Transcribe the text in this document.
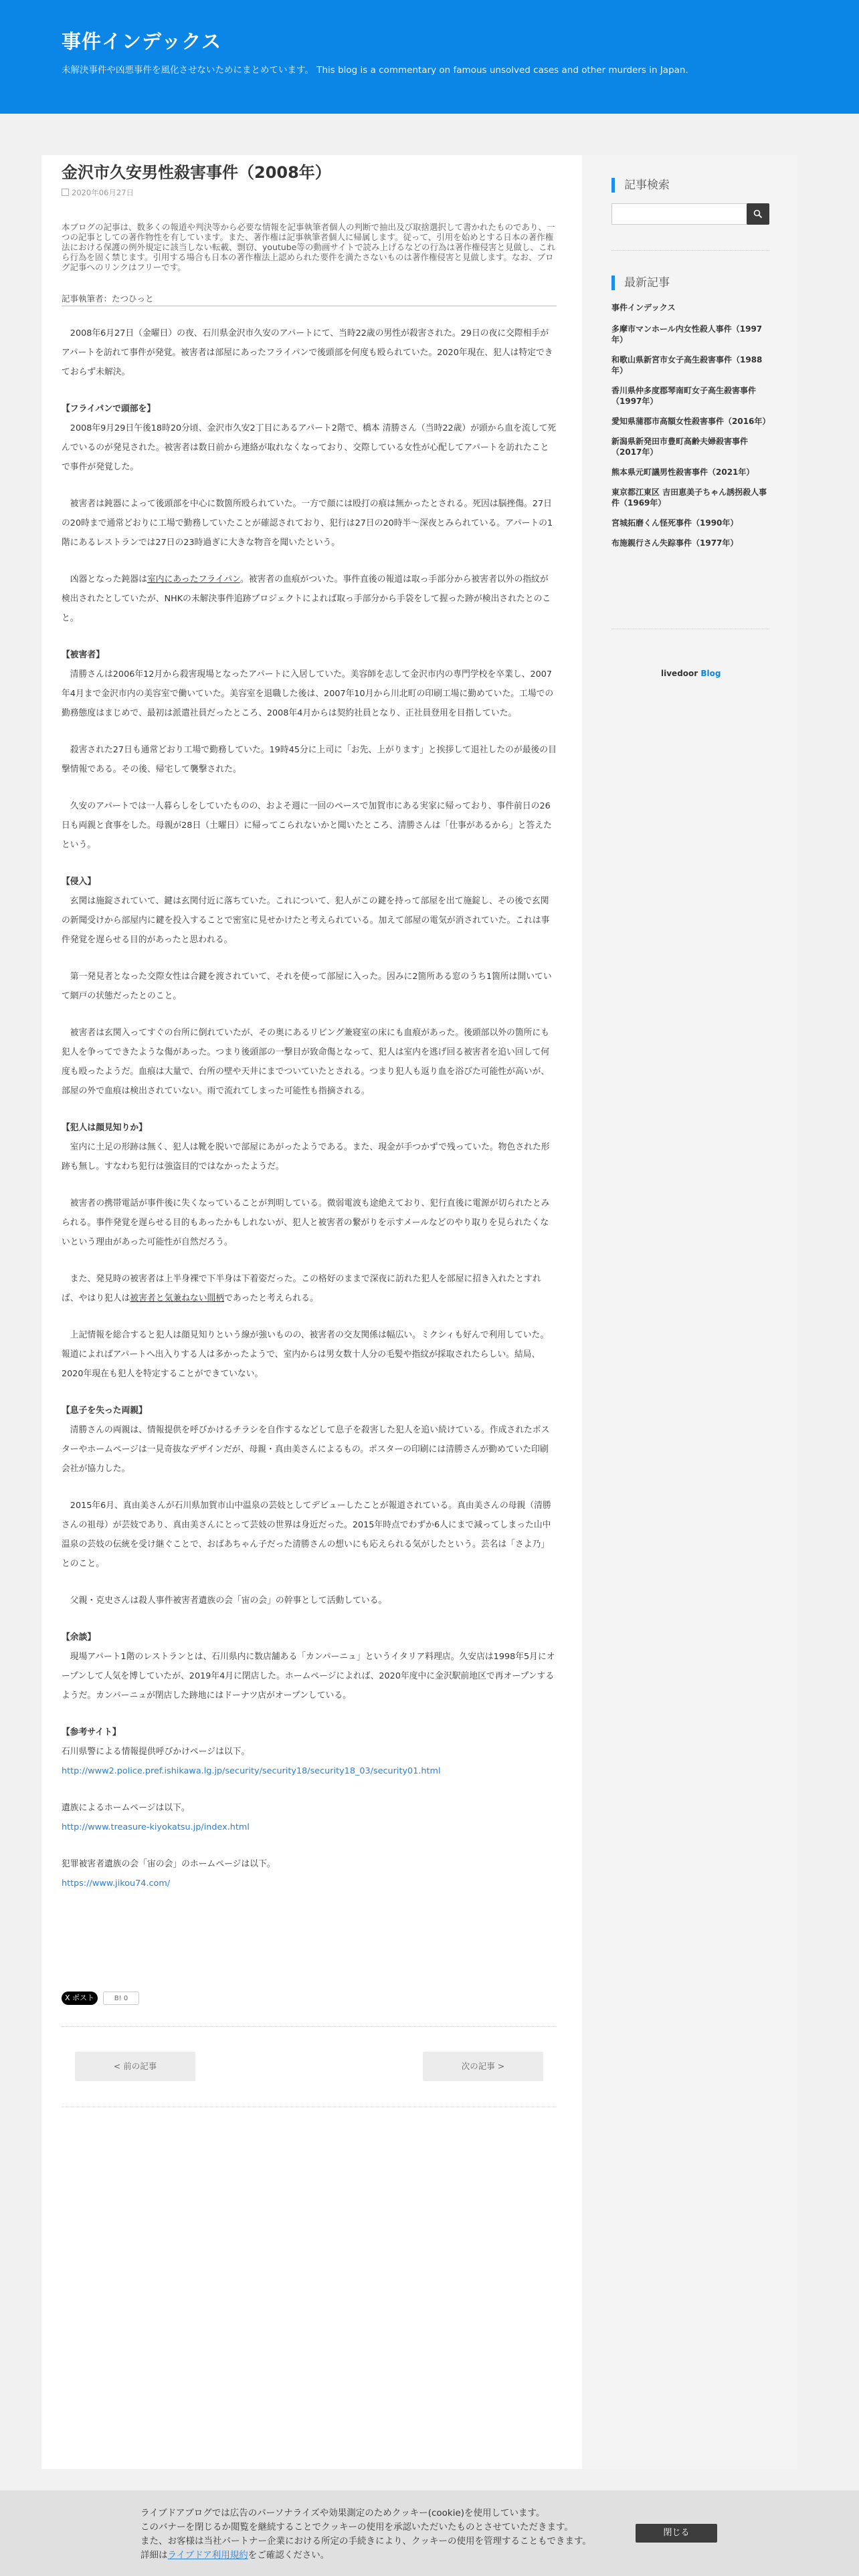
事件インデックス
未解決事件や凶悪事件を風化させないためにまとめています。 This blog is a commentary on famous unsolved cases and other murders in Japan.
金沢市久安男性殺害事件（2008年）
2020年06月27日
本ブログの記事は、数多くの報道や判決等から必要な情報を記事執筆者個人の判断で抽出及び取捨選択して書かれたものであり、一つの記事としての著作物性を有しています。また、著作権は記事執筆者個人に帰属します。従って、引用を始めとする日本の著作権法における保護の例外規定に該当しない転載、剽窃、youtube等の動画サイトで読み上げるなどの行為は著作権侵害と見做し、これら行為を固く禁じます。引用する場合も日本の著作権法上認められた要件を満たさないものは著作権侵害と見做します。なお、ブログ記事へのリンクはフリーです。
記事執筆者：たつひっと

　2008年6月27日（金曜日）の夜、石川県金沢市久安のアパートにて、当時22歳の男性が殺害された。29日の夜に交際相手がアパートを訪れて事件が発覚。被害者は部屋にあったフライパンで後頭部を何度も殴られていた。2020年現在、犯人は特定できておらず未解決。

【フライパンで頭部を】
　2008年9月29日午後18時20分頃、金沢市久安2丁目にあるアパート2階で、橋本 清勝さん（当時22歳）が頭から血を流して死んでいるのが発見された。被害者は数日前から連絡が取れなくなっており、交際している女性が心配してアパートを訪れたことで事件が発覚した。

　被害者は鈍器によって後頭部を中心に数箇所殴られていた。一方で顔には殴打の痕は無かったとされる。死因は脳挫傷。27日の20時まで通常どおりに工場で勤務していたことが確認されており、犯行は27日の20時半〜深夜とみられている。アパートの1階にあるレストランでは27日の23時過ぎに大きな物音を聞いたという。

　凶器となった鈍器は室内にあったフライパン。被害者の血痕がついた。事件直後の報道は取っ手部分から被害者以外の指紋が検出されたとしていたが、NHKの未解決事件追跡プロジェクトによれば取っ手部分から手袋をして握った跡が検出されたとのこと。

【被害者】
　清勝さんは2006年12月から殺害現場となったアパートに入居していた。美容師を志して金沢市内の専門学校を卒業し、2007年4月まで金沢市内の美容室で働いていた。美容室を退職した後は、2007年10月から川北町の印刷工場に勤めていた。工場での勤務態度はまじめで、最初は派遣社員だったところ、2008年4月からは契約社員となり、正社員登用を目指していた。

　殺害された27日も通常どおり工場で勤務していた。19時45分に上司に「お先、上がります」と挨拶して退社したのが最後の目撃情報である。その後、帰宅して襲撃された。

　久安のアパートでは一人暮らしをしていたものの、およそ週に一回のペースで加賀市にある実家に帰っており、事件前日の26日も両親と食事をした。母親が28日（土曜日）に帰ってこられないかと聞いたところ、清勝さんは「仕事があるから」と答えたという。

【侵入】
　玄関は施錠されていて、鍵は玄関付近に落ちていた。これについて、犯人がこの鍵を持って部屋を出て施錠し、その後で玄関の新聞受けから部屋内に鍵を投入することで密室に見せかけたと考えられている。加えて部屋の電気が消されていた。これは事件発覚を遅らせる目的があったと思われる。

　第一発見者となった交際女性は合鍵を渡されていて、それを使って部屋に入った。因みに2箇所ある窓のうち1箇所は開いていて網戸の状態だったとのこと。

　被害者は玄関入ってすぐの台所に倒れていたが、その奥にあるリビング兼寝室の床にも血痕があった。後頭部以外の箇所にも犯人を争ってできたような傷があった。つまり後頭部の一撃目が致命傷となって、犯人は室内を逃げ回る被害者を追い回して何度も殴ったようだ。血痕は大量で、台所の壁や天井にまでついていたとされる。つまり犯人も返り血を浴びた可能性が高いが、部屋の外で血痕は検出されていない。雨で流れてしまった可能性も指摘される。

【犯人は顔見知りか】
　室内に土足の形跡は無く、犯人は靴を脱いで部屋にあがったようである。また、現金が手つかずで残っていた。物色された形跡も無し。すなわち犯行は強盗目的ではなかったようだ。

　被害者の携帯電話が事件後に失くなっていることが判明している。微弱電波も途絶えており、犯行直後に電源が切られたとみられる。事件発覚を遅らせる目的もあったかもしれないが、犯人と被害者の繋がりを示すメールなどのやり取りを見られたくないという理由があった可能性が自然だろう。

　また、発見時の被害者は上半身裸で下半身は下着姿だった。この格好のままで深夜に訪れた犯人を部屋に招き入れたとすれば、やはり犯人は被害者と気兼ねない間柄であったと考えられる。

　上記情報を総合すると犯人は顔見知りという線が強いものの、被害者の交友関係は幅広い。ミクシィも好んで利用していた。報道によればアパートへ出入りする人は多かったようで、室内からは男女数十人分の毛髪や指紋が採取されたらしい。結局、2020年現在も犯人を特定することができていない。

【息子を失った両親】
　清勝さんの両親は、情報提供を呼びかけるチラシを自作するなどして息子を殺害した犯人を追い続けている。作成されたポスターやホームページは一見奇抜なデザインだが、母親・真由美さんによるもの。ポスターの印刷には清勝さんが勤めていた印刷会社が協力した。

　2015年6月、真由美さんが石川県加賀市山中温泉の芸妓としてデビューしたことが報道されている。真由美さんの母親（清勝さんの祖母）が芸妓であり、真由美さんにとって芸妓の世界は身近だった。2015年時点でわずか6人にまで減ってしまった山中温泉の芸妓の伝統を受け継ぐことで、おばあちゃん子だった清勝さんの想いにも応えられる気がしたという。芸名は「さよ乃」とのこと。

　父親・克史さんは殺人事件被害者遺族の会「宙の会」の幹事として活動している。

【余談】
　現場アパート1階のレストランとは、石川県内に数店舗ある「カンパーニュ」というイタリア料理店。久安店は1998年5月にオープンして人気を博していたが、2019年4月に閉店した。ホームページによれば、2020年度中に金沢駅前地区で再オープンするようだ。カンパーニュが閉店した跡地にはドーナツ店がオープンしている。

【参考サイト】
石川県警による情報提供呼びかけページは以下。
http://www2.police.pref.ishikawa.lg.jp/security/security18/security18_03/security01.html

遺族によるホームページは以下。
http://www.treasure-kiyokatsu.jp/index.html

犯罪被害者遺族の会「宙の会」のホームページは以下。
https://www.jikou74.com/

X ポスト	B! 0
< 前の記事	次の記事 >
記事検索
最新記事
事件インデックス
多摩市マンホール内女性殺人事件（1997年）
和歌山県新宮市女子高生殺害事件（1988年）
香川県仲多度郡琴南町女子高生殺害事件（1997年）
愛知県蒲郡市高額女性殺害事件（2016年）
新潟県新発田市豊町高齢夫婦殺害事件（2017年）
熊本県元町議男性殺害事件（2021年）
東京都江東区 吉田恵美子ちゃん誘拐殺人事件（1969年）
宮城拓磨くん怪死事件（1990年）
布施親行さん失踪事件（1977年）
livedoor Blog
ライブドアブログでは広告のパーソナライズや効果測定のためクッキー(cookie)を使用しています。
このバナーを閉じるか閲覧を継続することでクッキーの使用を承認いただいたものとさせていただきます。
また、お客様は当社パートナー企業における所定の手続きにより、クッキーの使用を管理することもできます。
詳細はライブドア利用規約をご確認ください。
閉じる
